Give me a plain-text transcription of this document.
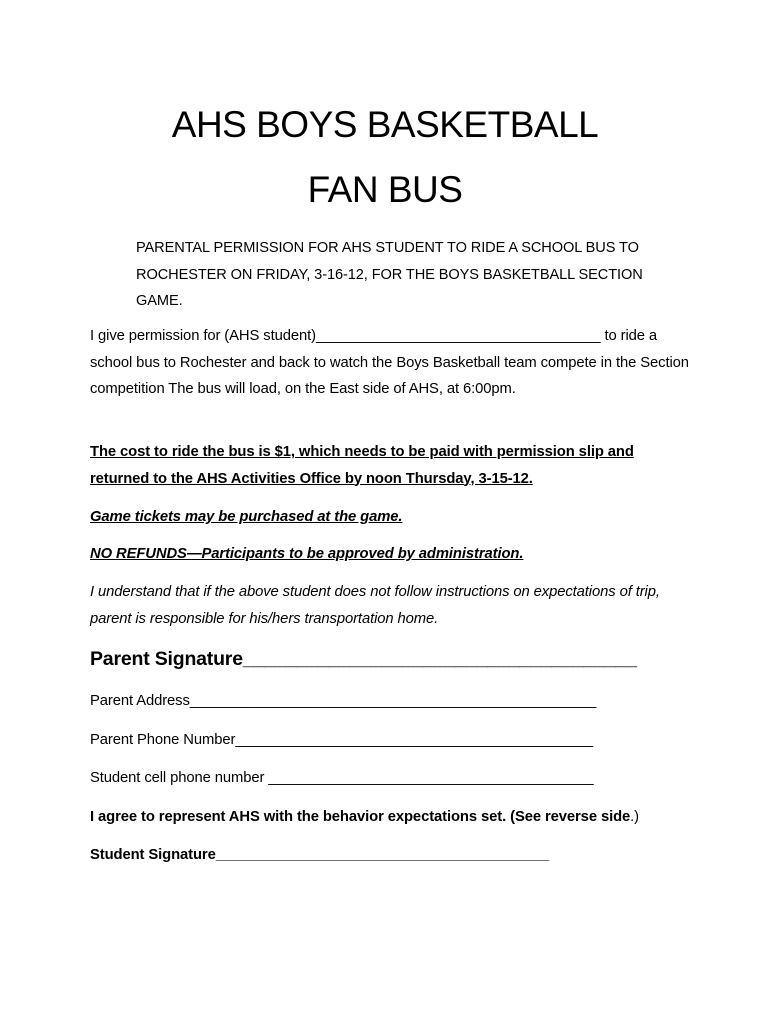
AHS BOYS BASKETBALL
FAN BUS
PARENTAL PERMISSION FOR AHS STUDENT TO RIDE A SCHOOL BUS TO ROCHESTER ON FRIDAY, 3-16-12, FOR THE BOYS BASKETBALL SECTION GAME.
I give permission for (AHS student)___________________________________ to ride a school bus to Rochester and back to watch the Boys Basketball team compete in the Section competition The bus will load, on the East side of AHS, at 6:00pm.
The cost to ride the bus is $1, which needs to be paid with permission slip and returned to the AHS Activities Office by noon Thursday, 3-15-12.
Game tickets may be purchased at the game.
NO REFUNDS—Participants to be approved by administration.
I understand that if the above student does not follow instructions on expectations of trip, parent is responsible for his/hers transportation home.
Parent Signature_____________________________________
Parent Address__________________________________________________
Parent Phone Number____________________________________________
Student cell phone number ________________________________________
I agree to represent AHS with the behavior expectations set. (See reverse side.)
Student Signature_________________________________________
